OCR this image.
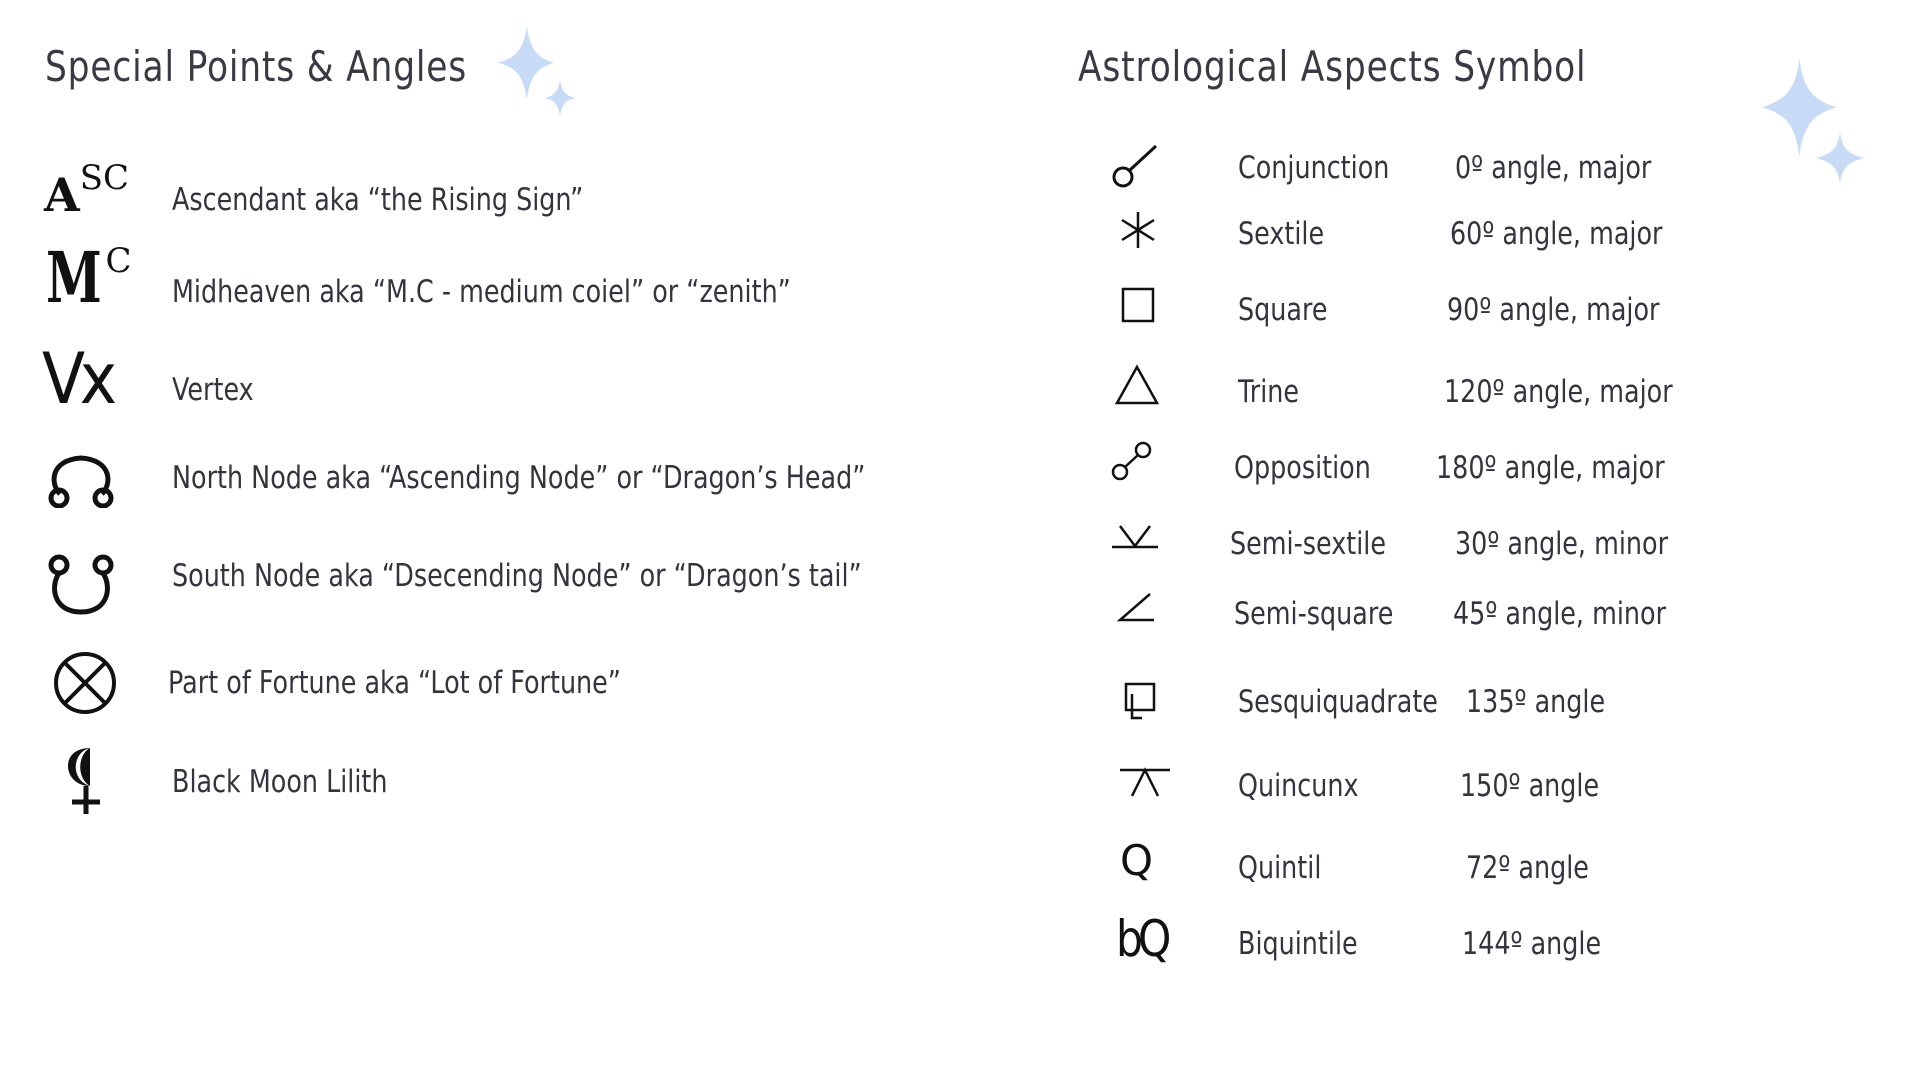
Special Points & Angles
ASC
Ascendant aka “the Rising Sign”
M C
Midheaven aka “M.C - medium coiel” or “zenith”
Vx Vertex
North Node aka “Ascending Node” or “Dragon’s Head”
South Node aka “Dsecending Node” or “Dragon’s tail”
Part of Fortune aka “Lot of Fortune”
Black Moon Lilith
Astrological Aspects Symbol
Conjunction 0º angle, major
Sextile	60º angle, major
Square	90º angle, major
Trine	120º angle, major
Opposition 180º angle, major
Semi-sextile 30º angle, minor
Semi-square 45º angle, minor
Sesquiquadrate 135º angle
Quincunx	150º angle
Q	Quintil	72º angle
bQ Biquintile	144º angle
